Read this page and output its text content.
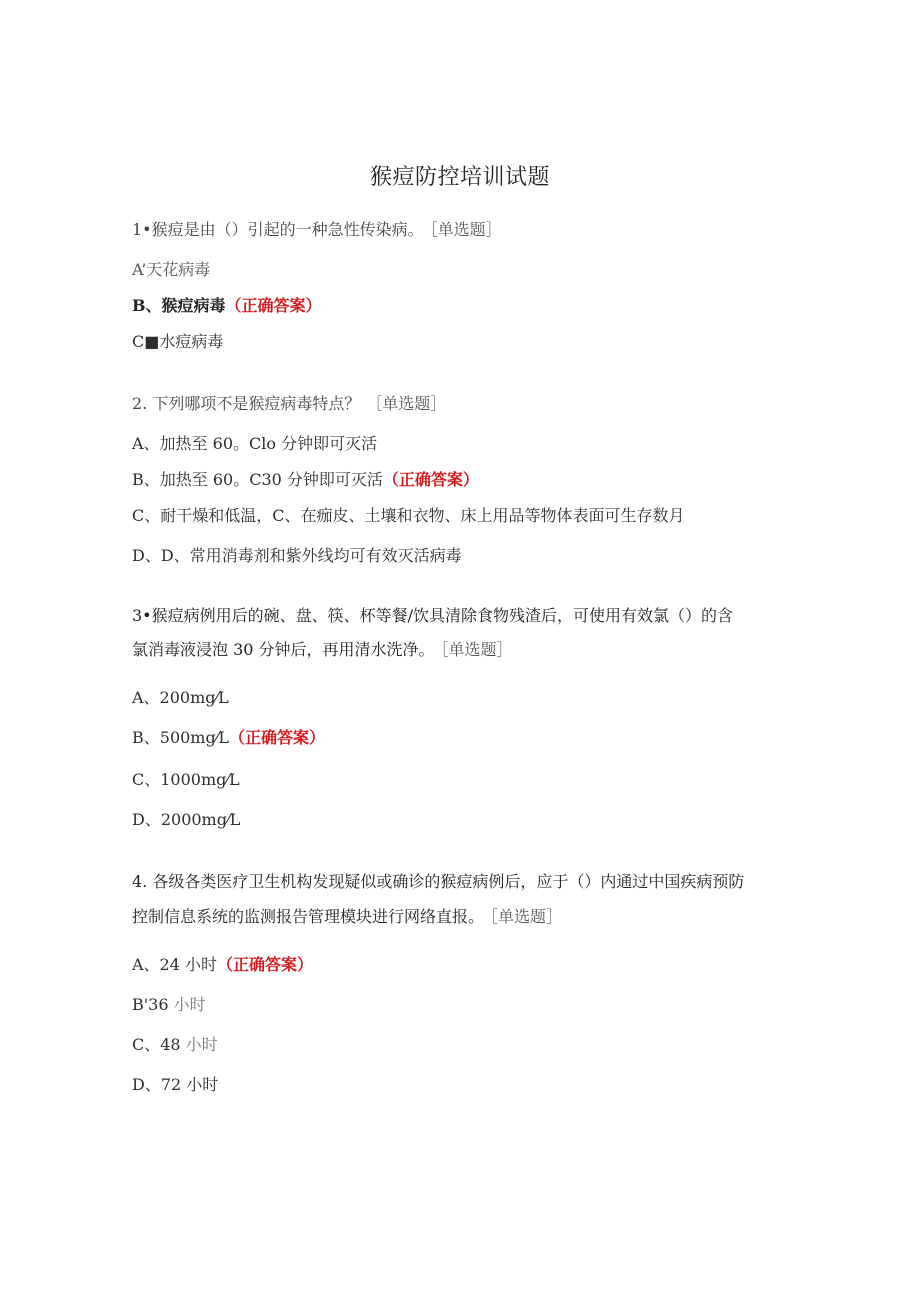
猴痘防控培训试题
1•猴痘是由（）引起的一种急性传染病。 ［单选题］
A’天花病毒
B、猴痘病毒（正确答案）
C■水痘病毒
2. 下列哪项不是猴痘病毒特点？ ［单选题］
A、加热至 60。Clo 分钟即可灭活
B、加热至 60。C30 分钟即可灭活（正确答案）
C、耐干燥和低温，C、在痂皮、土壤和衣物、床上用品等物体表面可生存数月
D、D、常用消毒剂和紫外线均可有效灭活病毒
3•猴痘病例用后的碗、盘、筷、杯等餐/饮具清除食物残渣后，可使用有效氯（）的含
氯消毒液浸泡 30 分钟后，再用清水洗净。 ［单选题］
A、200mg⁄L
B、500mg⁄L（正确答案）
C、1000mg⁄L
D、2000mg⁄L
4. 各级各类医疗卫生机构发现疑似或确诊的猴痘病例后，应于（）内通过中国疾病预防
控制信息系统的监测报告管理模块进行网络直报。 ［单选题］
A、24 小时（正确答案）
B'36 小时
C、48 小时
D、72 小时
